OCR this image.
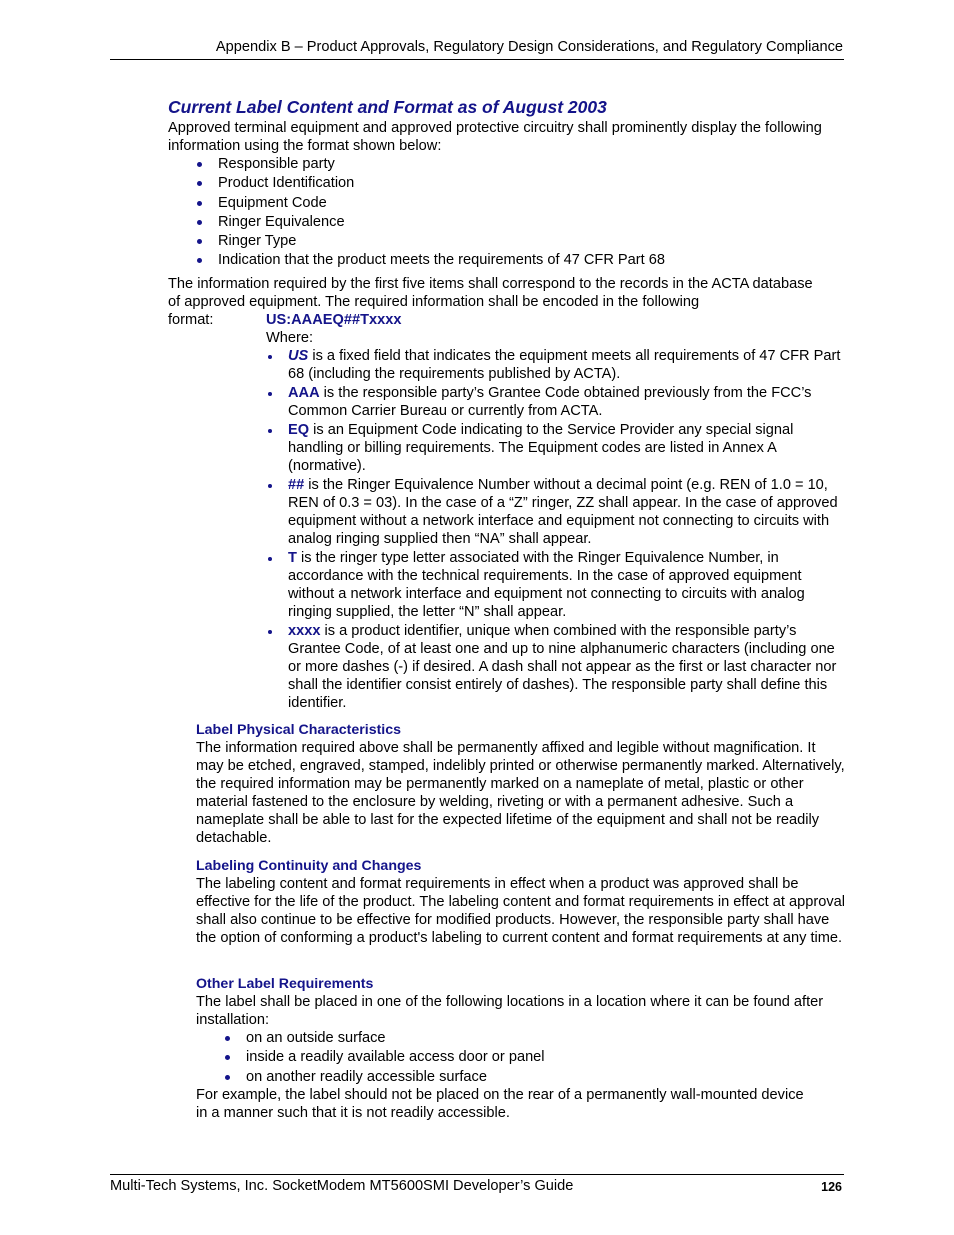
Appendix B – Product Approvals, Regulatory Design Considerations, and Regulatory Compliance
Current Label Content and Format as of August 2003

Approved terminal equipment and approved protective circuitry shall prominently display the following information using the format shown below:

Responsible party
Product Identification
Equipment Code
Ringer Equivalence
Ringer Type
Indication that the product meets the requirements of 47 CFR Part 68

The information required by the first five items shall correspond to the records in the ACTA database of approved equipment. The required information shall be encoded in the following

format:	US:AAAEQ##Txxxx
Where:
US is a fixed field that indicates the equipment meets all requirements of 47 CFR Part 68 (including the requirements published by ACTA).
AAA is the responsible party’s Grantee Code obtained previously from the FCC’s Common Carrier Bureau or currently from ACTA.
EQ is an Equipment Code indicating to the Service Provider any special signal handling or billing requirements. The Equipment codes are listed in Annex A (normative).
## is the Ringer Equivalence Number without a decimal point (e.g. REN of 1.0 = 10, REN of 0.3 = 03). In the case of a “Z” ringer, ZZ shall appear. In the case of approved equipment without a network interface and equipment not connecting to circuits with analog ringing supplied then “NA” shall appear.
T is the ringer type letter associated with the Ringer Equivalence Number, in accordance with the technical requirements. In the case of approved equipment without a network interface and equipment not connecting to circuits with analog ringing supplied, the letter “N” shall appear.
xxxx is a product identifier, unique when combined with the responsible party’s Grantee Code, of at least one and up to nine alphanumeric characters (including one or more dashes (-) if desired. A dash shall not appear as the first or last character nor shall the identifier consist entirely of dashes). The responsible party shall define this identifier.
Label Physical Characteristics

The information required above shall be permanently affixed and legible without magnification. It may be etched, engraved, stamped, indelibly printed or otherwise permanently marked. Alternatively, the required information may be permanently marked on a nameplate of metal, plastic or other material fastened to the enclosure by welding, riveting or with a permanent adhesive. Such a nameplate shall be able to last for the expected lifetime of the equipment and shall not be readily detachable.

Labeling Continuity and Changes

The labeling content and format requirements in effect when a product was approved shall be effective for the life of the product. The labeling content and format requirements in effect at approval shall also continue to be effective for modified products. However, the responsible party shall have the option of conforming a product's labeling to current content and format requirements at any time.

Other Label Requirements

The label shall be placed in one of the following locations in a location where it can be found after installation:

on an outside surface
inside a readily available access door or panel
on another readily accessible surface

For example, the label should not be placed on the rear of a permanently wall-mounted device in a manner such that it is not readily accessible.

Multi-Tech Systems, Inc. SocketModem MT5600SMI Developer’s Guide	126
